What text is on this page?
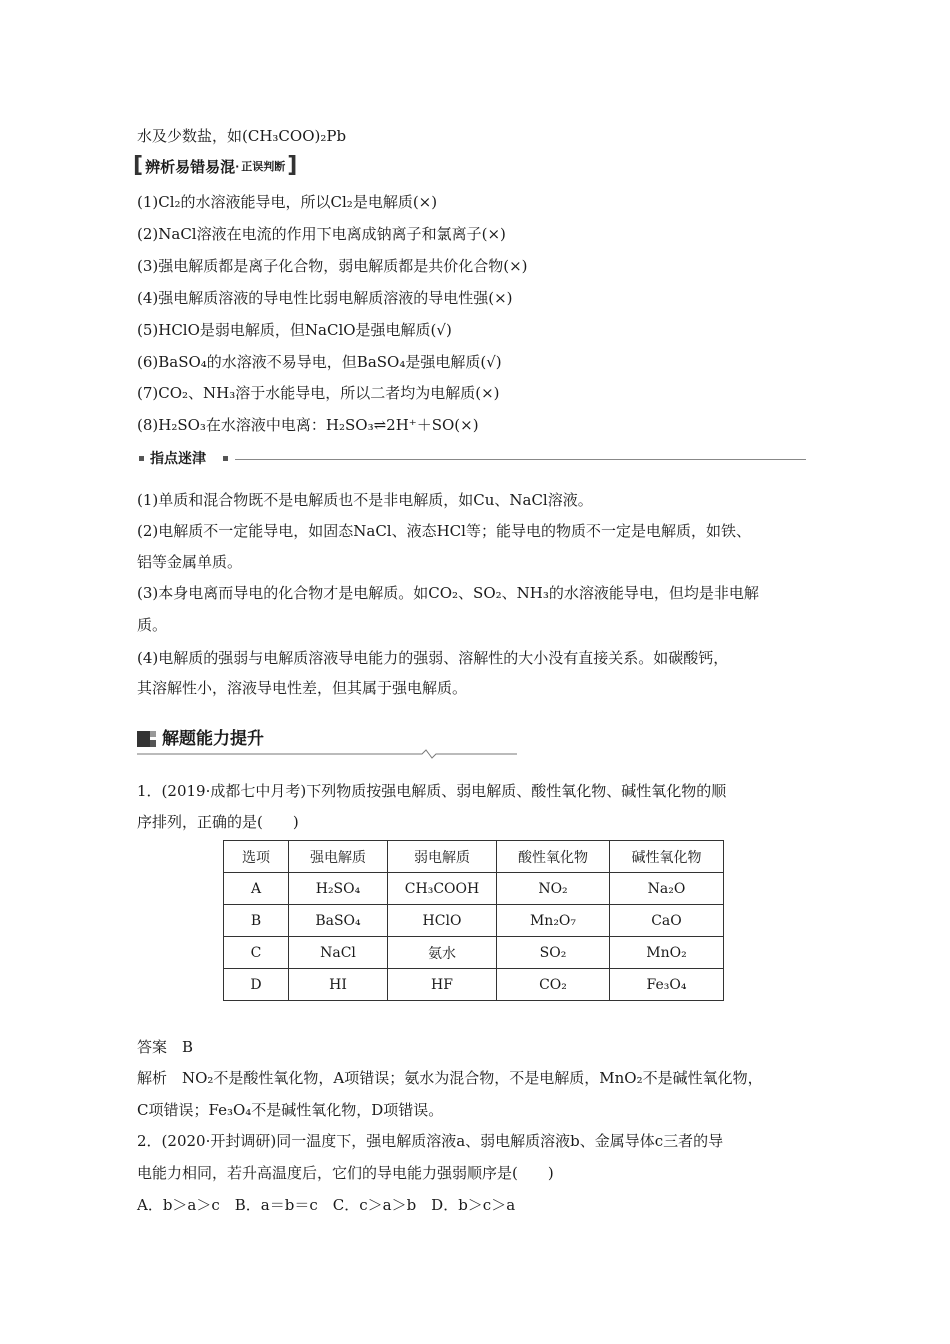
水及少数盐，如(CH₃COO)₂Pb
[ 辨析易错易混 · 正误判断 ]
(1)Cl₂的水溶液能导电，所以Cl₂是电解质(×)
(2)NaCl溶液在电流的作用下电离成钠离子和氯离子(×)
(3)强电解质都是离子化合物，弱电解质都是共价化合物(×)
(4)强电解质溶液的导电性比弱电解质溶液的导电性强(×)
(5)HClO是弱电解质，但NaClO是强电解质(√)
(6)BaSO₄的水溶液不易导电，但BaSO₄是强电解质(√)
(7)CO₂、NH₃溶于水能导电，所以二者均为电解质(×)
(8)H₂SO₃在水溶液中电离：H₂SO₃⇌2H⁺＋SO(×)
指点迷津
(1)单质和混合物既不是电解质也不是非电解质，如Cu、NaCl溶液。
(2)电解质不一定能导电，如固态NaCl、液态HCl等；能导电的物质不一定是电解质，如铁、
铝等金属单质。
(3)本身电离而导电的化合物才是电解质。如CO₂、SO₂、NH₃的水溶液能导电，但均是非电解
质。
(4)电解质的强弱与电解质溶液导电能力的强弱、溶解性的大小没有直接关系。如碳酸钙，
其溶解性小，溶液导电性差，但其属于强电解质。
解题能力提升
1．(2019·成都七中月考)下列物质按强电解质、弱电解质、酸性氧化物、碱性氧化物的顺
序排列，正确的是(　　)
选项	强电解质	弱电解质	酸性氧化物	碱性氧化物
A	H₂SO₄	CH₃COOH	NO₂	Na₂O
B	BaSO₄	HClO	Mn₂O₇	CaO
C	NaCl	氨水	SO₂	MnO₂
D	HI	HF	CO₂	Fe₃O₄
答案　B
解析　NO₂不是酸性氧化物，A项错误；氨水为混合物，不是电解质，MnO₂不是碱性氧化物，
C项错误；Fe₃O₄不是碱性氧化物，D项错误。
2．(2020·开封调研)同一温度下，强电解质溶液a、弱电解质溶液b、金属导体c三者的导
电能力相同，若升高温度后，它们的导电能力强弱顺序是(　　)
A．b＞a＞c　B．a＝b＝c　C．c＞a＞b　D．b＞c＞a
